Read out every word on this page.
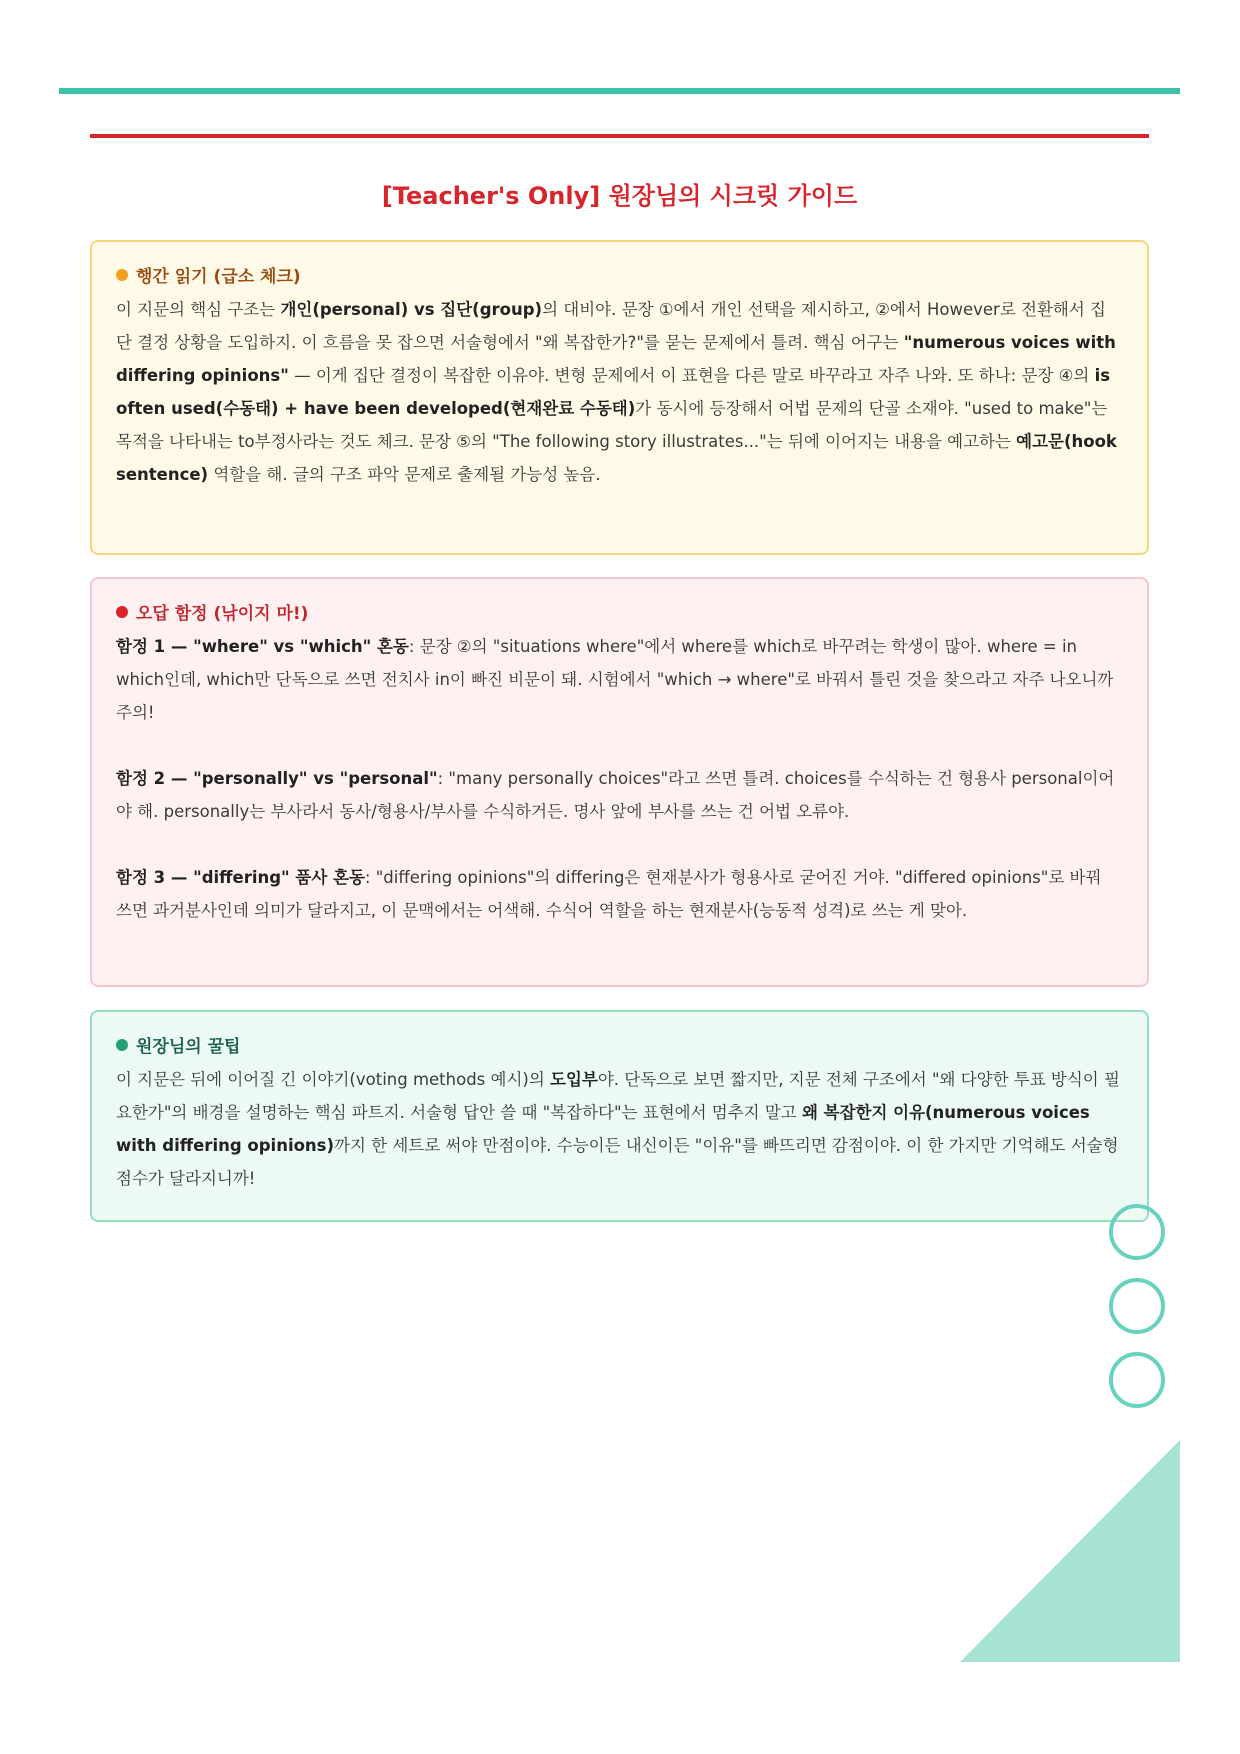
[Teacher's Only] 원장님의 시크릿 가이드
행간 읽기 (급소 체크)

이 지문의 핵심 구조는 개인(personal) vs 집단(group)의 대비야. 문장 ①에서 개인 선택을 제시하고, ②에서 However로 전환해서 집단 결정 상황을 도입하지. 이 흐름을 못 잡으면 서술형에서 "왜 복잡한가?"를 묻는 문제에서 틀려. 핵심 어구는 "numerous voices with differing opinions" — 이게 집단 결정이 복잡한 이유야. 변형 문제에서 이 표현을 다른 말로 바꾸라고 자주 나와. 또 하나: 문장 ④의 is often used(수동태) + have been developed(현재완료 수동태)가 동시에 등장해서 어법 문제의 단골 소재야. "used to make"는 목적을 나타내는 to부정사라는 것도 체크. 문장 ⑤의 "The following story illustrates..."는 뒤에 이어지는 내용을 예고하는 예고문(hook sentence) 역할을 해. 글의 구조 파악 문제로 출제될 가능성 높음.

오답 함정 (낚이지 마!)

함정 1 — "where" vs "which" 혼동: 문장 ②의 "situations where"에서 where를 which로 바꾸려는 학생이 많아. where = in which인데, which만 단독으로 쓰면 전치사 in이 빠진 비문이 돼. 시험에서 "which → where"로 바꿔서 틀린 것을 찾으라고 자주 나오니까 주의!

함정 2 — "personally" vs "personal": "many personally choices"라고 쓰면 틀려. choices를 수식하는 건 형용사 personal이어야 해. personally는 부사라서 동사/형용사/부사를 수식하거든. 명사 앞에 부사를 쓰는 건 어법 오류야.

함정 3 — "differing" 품사 혼동: "differing opinions"의 differing은 현재분사가 형용사로 굳어진 거야. "differed opinions"로 바꿔 쓰면 과거분사인데 의미가 달라지고, 이 문맥에서는 어색해. 수식어 역할을 하는 현재분사(능동적 성격)로 쓰는 게 맞아.

원장님의 꿀팁

이 지문은 뒤에 이어질 긴 이야기(voting methods 예시)의 도입부야. 단독으로 보면 짧지만, 지문 전체 구조에서 "왜 다양한 투표 방식이 필요한가"의 배경을 설명하는 핵심 파트지. 서술형 답안 쓸 때 "복잡하다"는 표현에서 멈추지 말고 왜 복잡한지 이유(numerous voices with differing opinions)까지 한 세트로 써야 만점이야. 수능이든 내신이든 "이유"를 빠뜨리면 감점이야. 이 한 가지만 기억해도 서술형 점수가 달라지니까!
